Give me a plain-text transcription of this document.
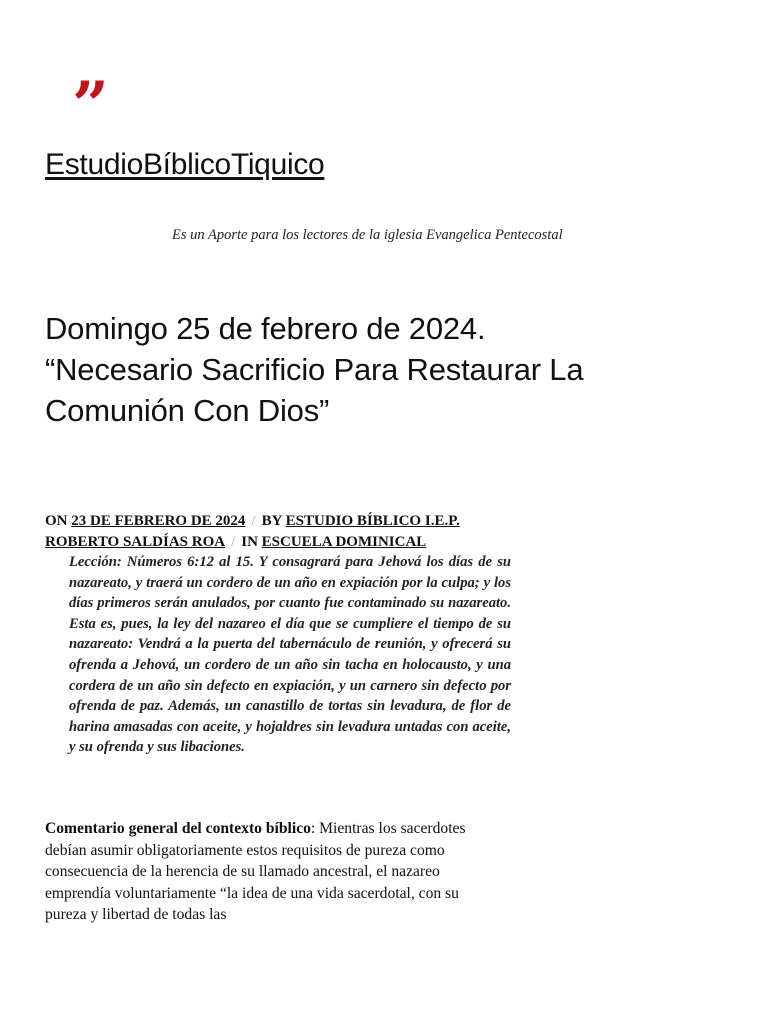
”
EstudioBíblicoTiquico
Es un Aporte para los lectores de la iglesia Evangelica Pentecostal
Domingo 25 de febrero de 2024. “Necesario Sacrificio Para Restaurar La Comunión Con Dios”
ON 23 DE FEBRERO DE 2024 / BY ESTUDIO BÍBLICO I.E.P. ROBERTO SALDÍAS ROA / IN ESCUELA DOMINICAL

Lección: Números 6:12 al 15. Y consagrará para Jehová los días de su nazareato, y traerá un cordero de un año en expiación por la culpa; y los días primeros serán anulados, por cuanto fue contaminado su nazareato. Esta es, pues, la ley del nazareo el día que se cumpliere el tiempo de su nazareato: Vendrá a la puerta del tabernáculo de reunión, y ofrecerá su ofrenda a Jehová, un cordero de un año sin tacha en holocausto, y una cordera de un año sin defecto en expiación, y un carnero sin defecto por ofrenda de paz. Además, un canastillo de tortas sin levadura, de flor de harina amasadas con aceite, y hojaldres sin levadura untadas con aceite, y su ofrenda y sus libaciones.

Comentario general del contexto bíblico: Mientras los sacerdotes debían asumir obligatoriamente estos requisitos de pureza como consecuencia de la herencia de su llamado ancestral, el nazareo emprendía voluntariamente “la idea de una vida sacerdotal, con su pureza y libertad de todas las
